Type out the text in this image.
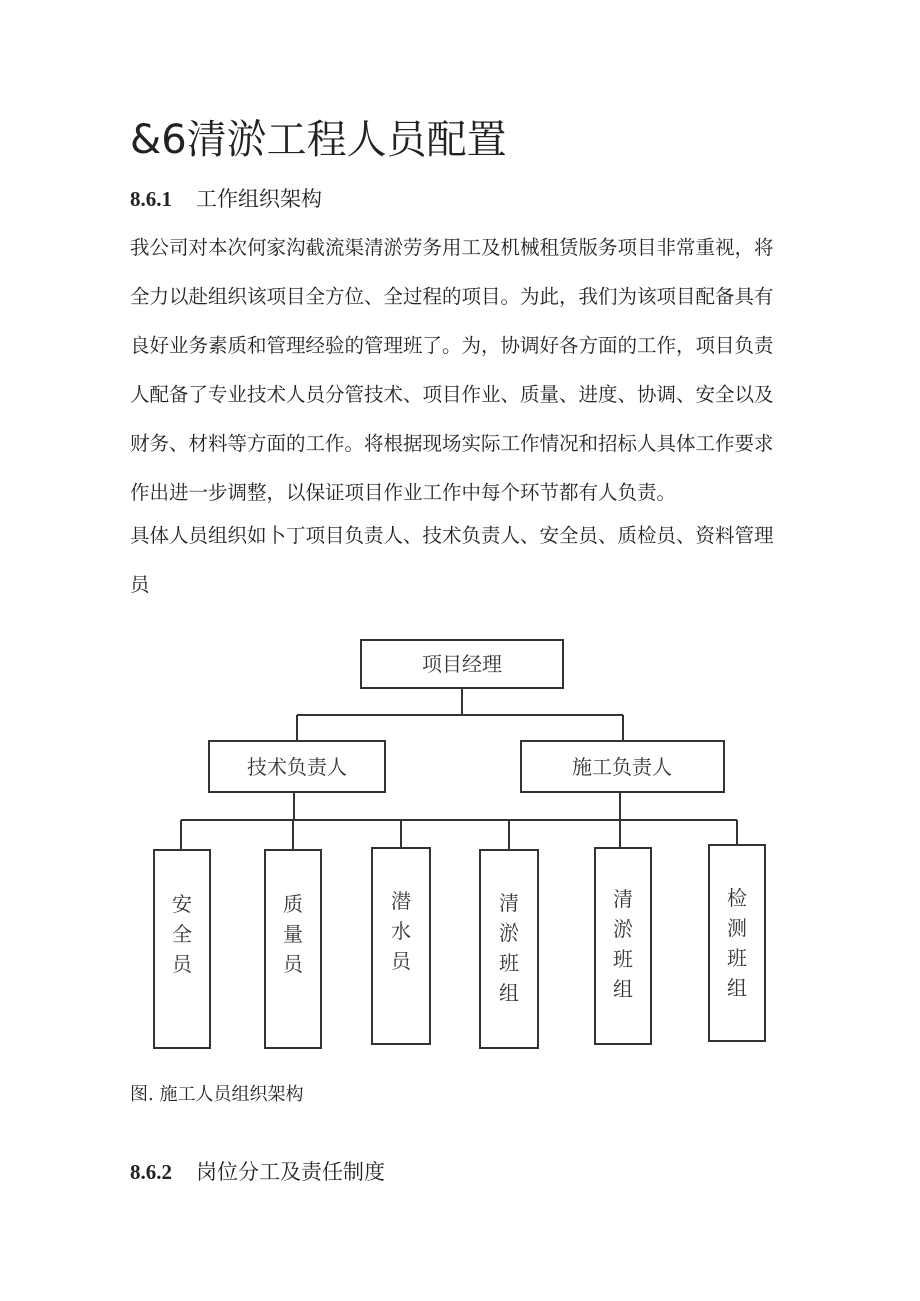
&6清淤工程人员配置
8.6.1 工作组织架构
我公司对本次何家沟截流渠清淤劳务用工及机械租赁版务项目非常重视，将
全力以赴组织该项目全方位、全过程的项目。为此，我们为该项目配备具有
良好业务素质和管理经验的管理班了。为，协调好各方面的工作，项目负责
人配备了专业技术人员分管技术、项目作业、质量、进度、协调、安全以及
财务、材料等方面的工作。将根据现场实际工作情况和招标人具体工作要求
作出进一步调整，以保证项目作业工作中每个环节都有人负责。
具体人员组织如卜丁项目负责人、技术负责人、安全员、质检员、资料管理
员
项目经理
技术负责人	施工负责人
安全员
质量员
潜水员
清淤班组
清淤班组
检测班组
图. 施工人员组织架构
8.6.2 岗位分工及责任制度
